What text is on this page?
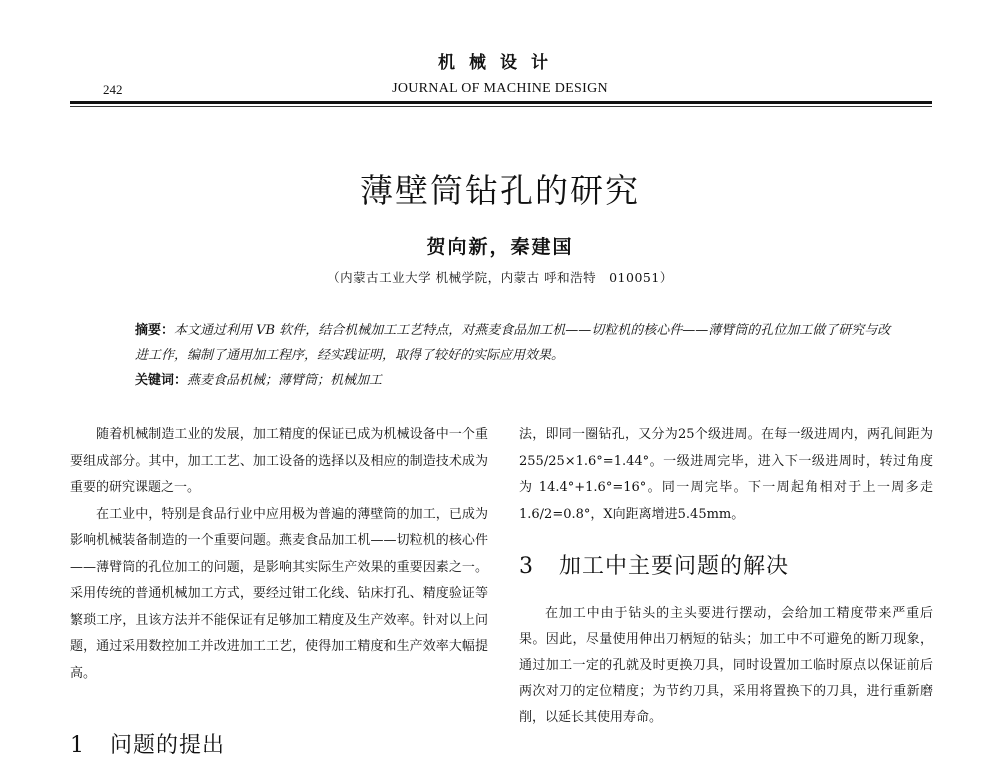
机械设计
242	JOURNAL OF MACHINE DESIGN
薄壁筒钻孔的研究
贺向新，秦建国
（内蒙古工业大学 机械学院，内蒙古 呼和浩特　010051）
摘要：本文通过利用 VB 软件，结合机械加工工艺特点，对燕麦食品加工机——切粒机的核心件——薄臂筒的孔位加工做了研究与改进工作，编制了通用加工程序，经实践证明，取得了较好的实际应用效果。
关键词：燕麦食品机械；薄臂筒；机械加工

随着机械制造工业的发展，加工精度的保证已成为机械设备中一个重要组成部分。其中，加工工艺、加工设备的选择以及相应的制造技术成为重要的研究课题之一。

在工业中，特别是食品行业中应用极为普遍的薄壁筒的加工，已成为影响机械装备制造的一个重要问题。燕麦食品加工机——切粒机的核心件——薄臂筒的孔位加工的问题，是影响其实际生产效果的重要因素之一。采用传统的普通机械加工方式，要经过钳工化线、钻床打孔、精度验证等繁琐工序，且该方法并不能保证有足够加工精度及生产效率。针对以上问题，通过采用数控加工并改进加工工艺，使得加工精度和生产效率大幅提高。

1 问题的提出

法，即同一圈钻孔，又分为25个级进周。在每一级进周内，两孔间距为 255/25×1.6°=1.44°。一级进周完毕，进入下一级进周时，转过角度为 14.4°+1.6°=16°。同一周完毕。下一周起角相对于上一周多走 1.6/2=0.8°，X向距离增进5.45mm。

3 加工中主要问题的解决

在加工中由于钻头的主头要进行摆动，会给加工精度带来严重后果。因此，尽量使用伸出刀柄短的钻头；加工中不可避免的断刀现象，通过加工一定的孔就及时更换刀具，同时设置加工临时原点以保证前后两次对刀的定位精度；为节约刀具，采用将置换下的刀具，进行重新磨削，以延长其使用寿命。
